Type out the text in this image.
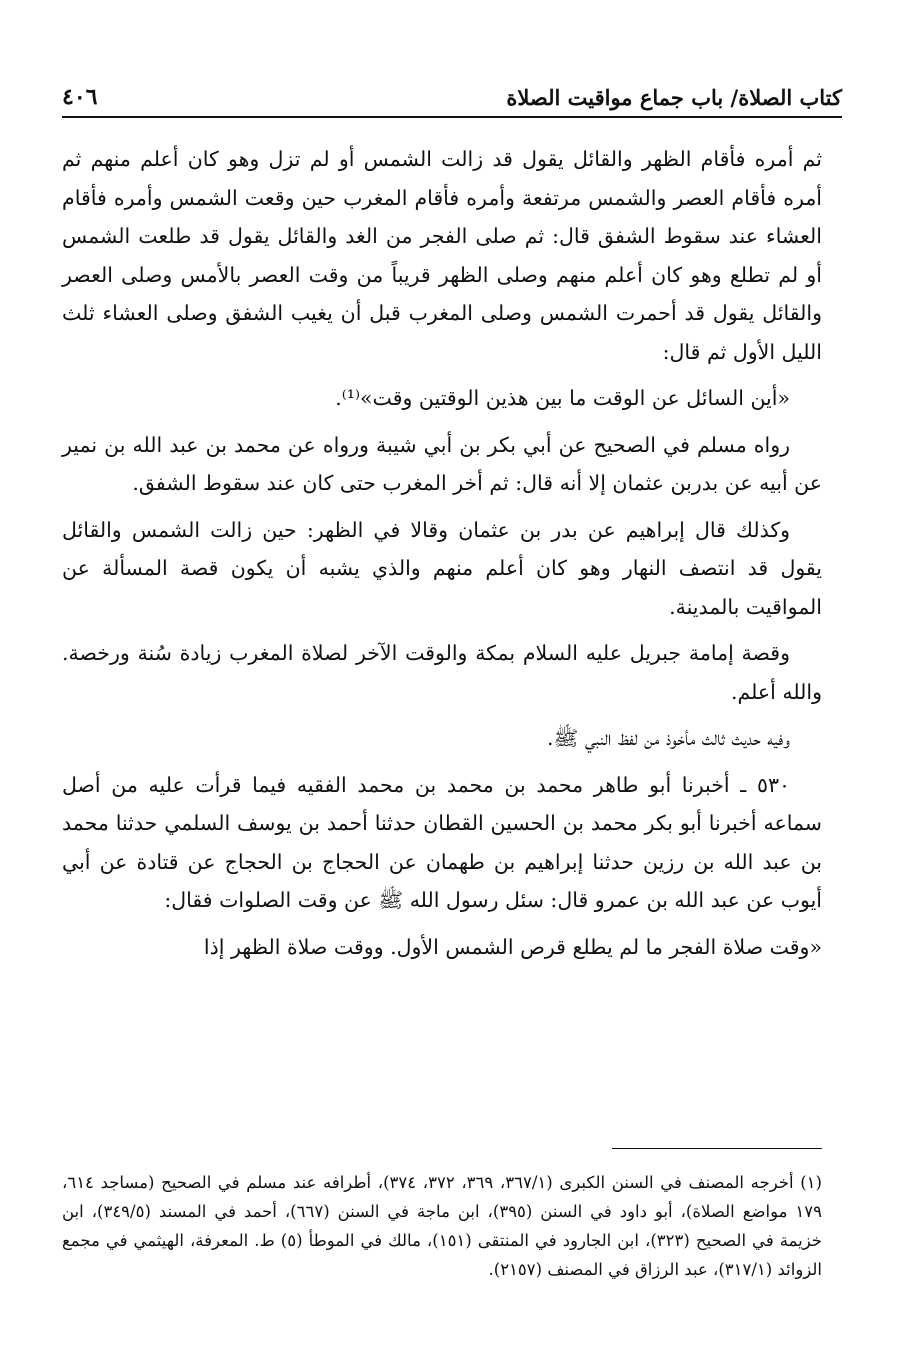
كتاب الصلاة/ باب جماع مواقيت الصلاة
٤٠٦

ثم أمره فأقام الظهر والقائل يقول قد زالت الشمس أو لم تزل وهو كان أعلم منهم ثم أمره فأقام العصر والشمس مرتفعة وأمره فأقام المغرب حين وقعت الشمس وأمره فأقام العشاء عند سقوط الشفق قال: ثم صلى الفجر من الغد والقائل يقول قد طلعت الشمس أو لم تطلع وهو كان أعلم منهم وصلى الظهر قريباً من وقت العصر بالأمس وصلى العصر والقائل يقول قد أحمرت الشمس وصلى المغرب قبل أن يغيب الشفق وصلى العشاء ثلث الليل الأول ثم قال:

«أين السائل عن الوقت ما بين هذين الوقتين وقت»⁽¹⁾.

رواه مسلم في الصحيح عن أبي بكر بن أبي شيبة ورواه عن محمد بن عبد الله بن نمير عن أبيه عن بدربن عثمان إلا أنه قال: ثم أخر المغرب حتى كان عند سقوط الشفق.

وكذلك قال إبراهيم عن بدر بن عثمان وقالا في الظهر: حين زالت الشمس والقائل يقول قد انتصف النهار وهو كان أعلم منهم والذي يشبه أن يكون قصة المسألة عن المواقيت بالمدينة.

وقصة إمامة جبريل عليه السلام بمكة والوقت الآخر لصلاة المغرب زيادة سُنة ورخصة. والله أعلم.

وفيه حديث ثالث مأخوذ من لفظ النبي ﷺ.

٥٣٠ ـ أخبرنا أبو طاهر محمد بن محمد بن محمد الفقيه فيما قرأت عليه من أصل سماعه أخبرنا أبو بكر محمد بن الحسين القطان حدثنا أحمد بن يوسف السلمي حدثنا محمد بن عبد الله بن رزين حدثنا إبراهيم بن طهمان عن الحجاج بن الحجاج عن قتادة عن أبي أيوب عن عبد الله بن عمرو قال: سئل رسول الله ﷺ عن وقت الصلوات فقال:

«وقت صلاة الفجر ما لم يطلع قرص الشمس الأول. ووقت صلاة الظهر إذا

(١) أخرجه المصنف في السنن الكبرى (٣٦٧/١، ٣٦٩، ٣٧٢، ٣٧٤)، أطرافه عند مسلم في الصحيح (مساجد ٦١٤، ١٧٩ مواضع الصلاة)، أبو داود في السنن (٣٩٥)، ابن ماجة في السنن (٦٦٧)، أحمد في المسند (٣٤٩/٥)، ابن خزيمة في الصحيح (٣٢٣)، ابن الجارود في المنتقى (١٥١)، مالك في الموطأ (٥) ط. المعرفة، الهيثمي في مجمع الزوائد (٣١٧/١)، عبد الرزاق في المصنف (٢١٥٧).
